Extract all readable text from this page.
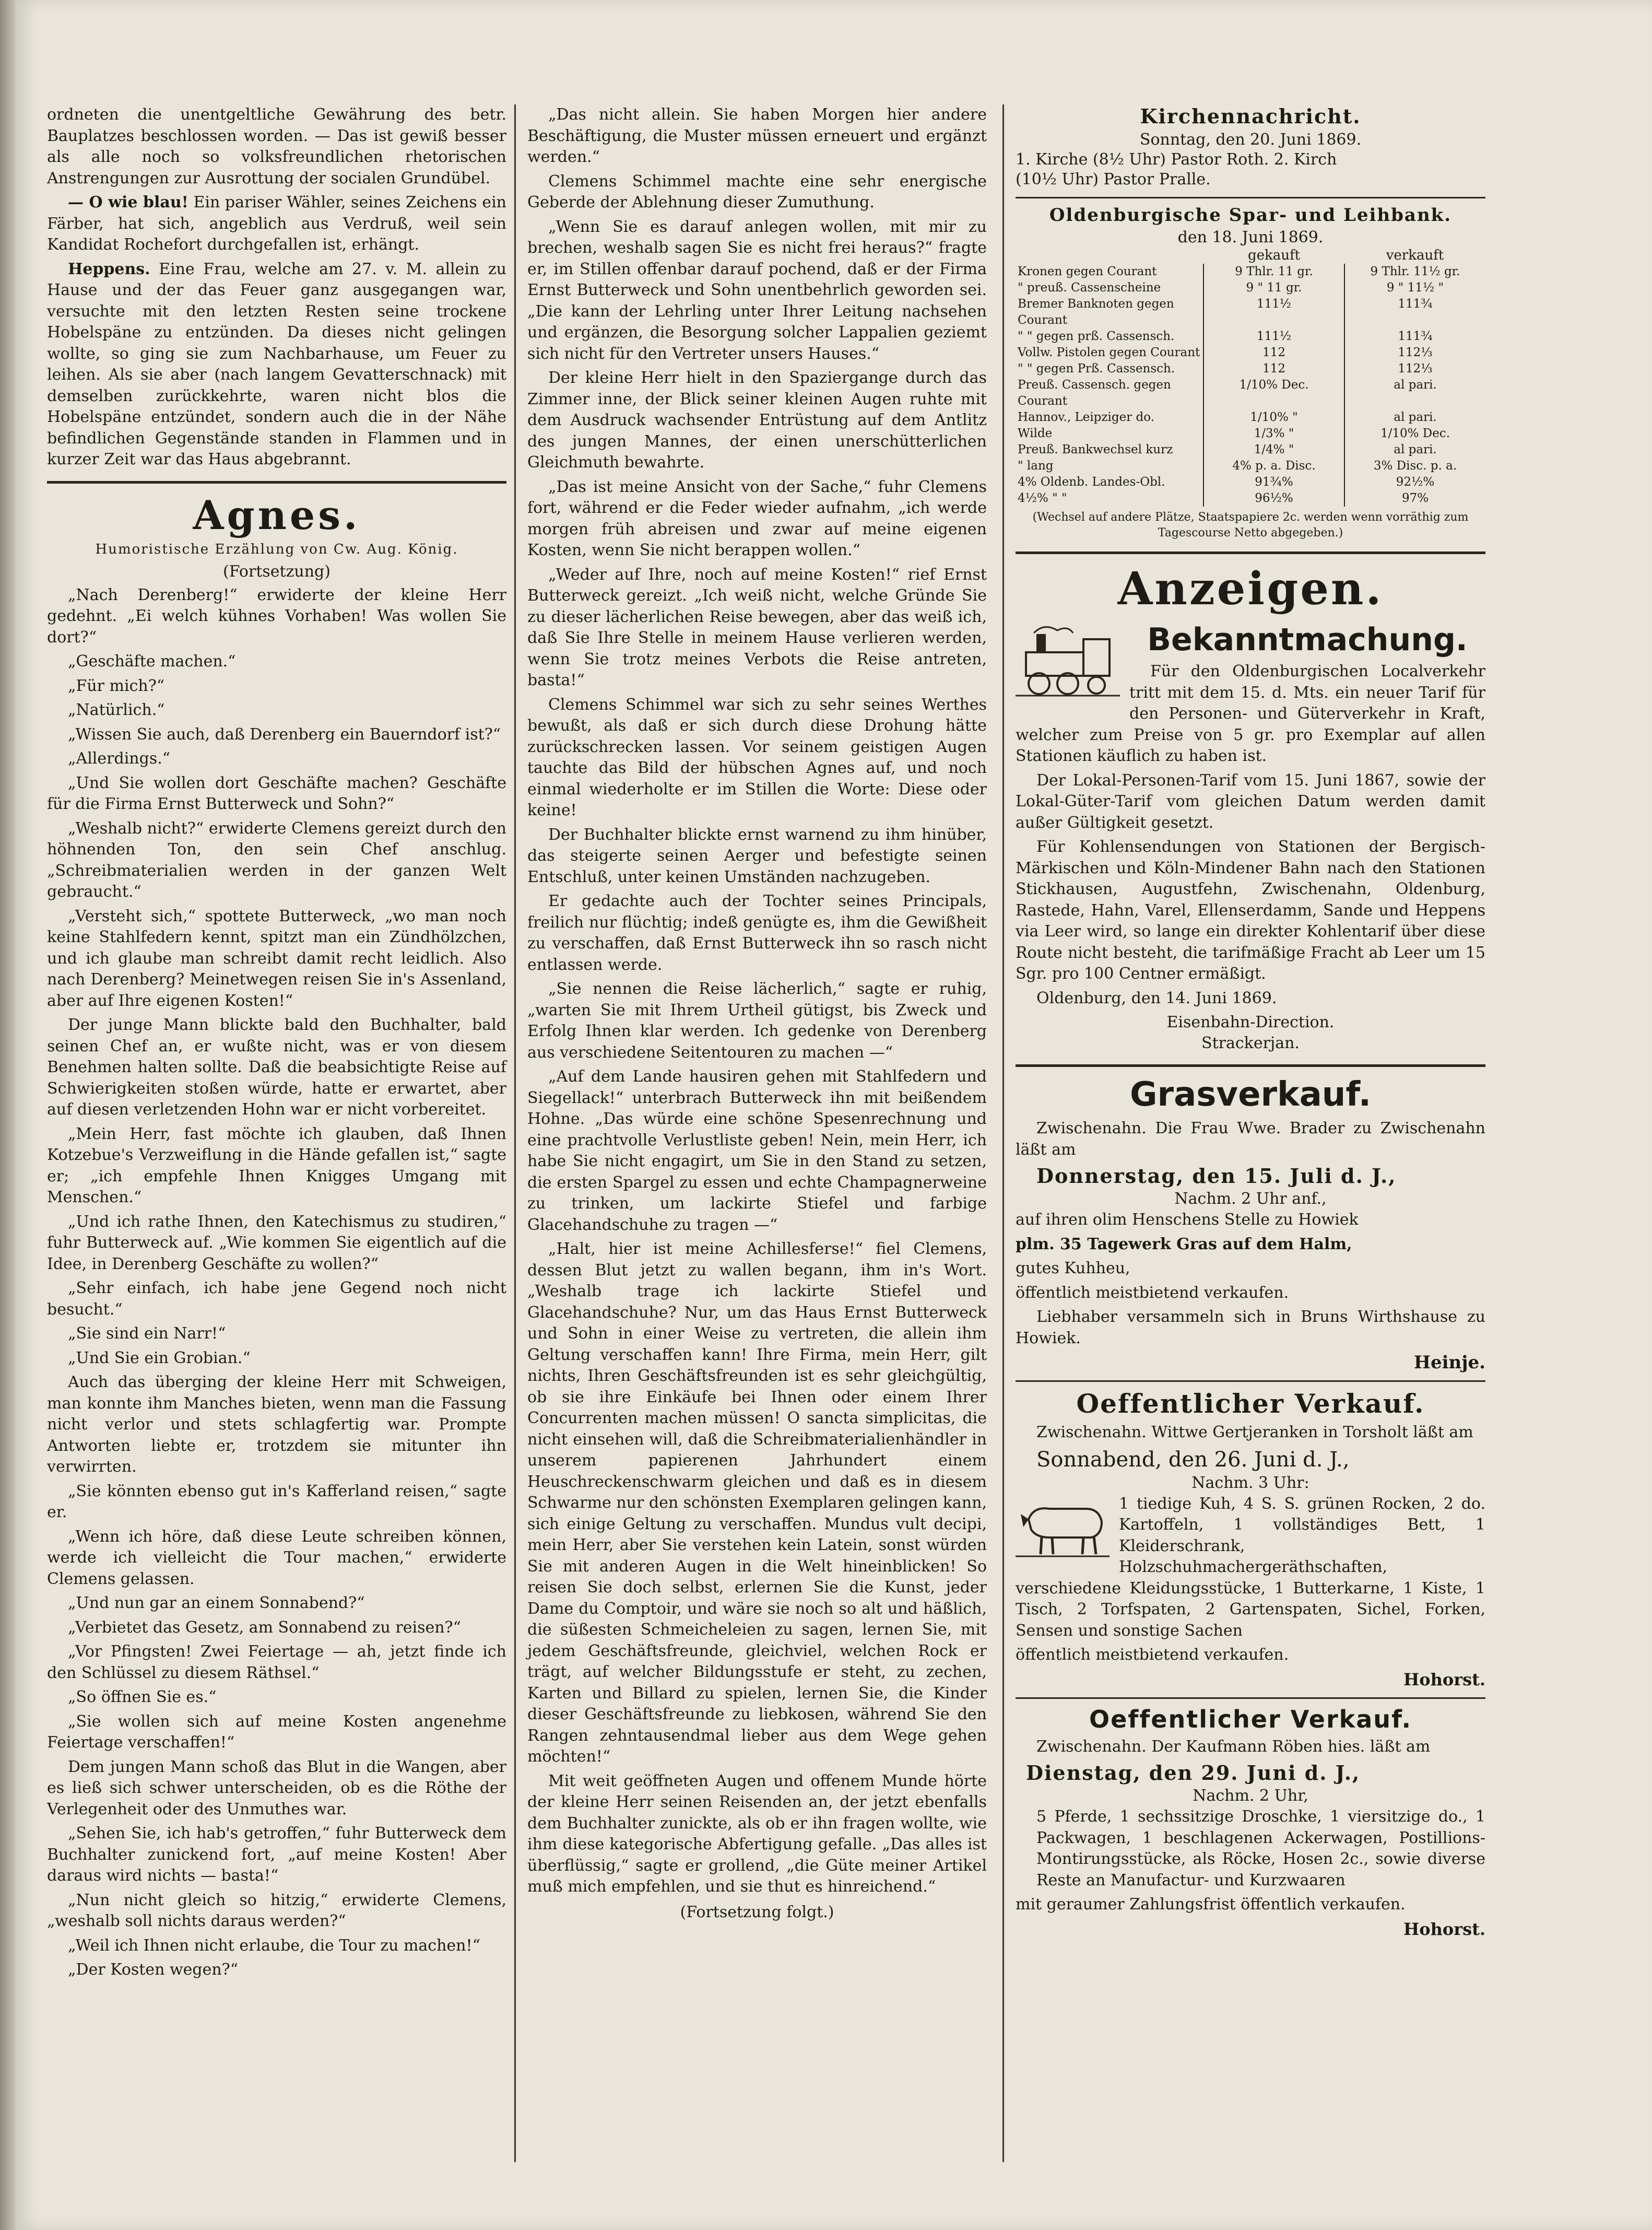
ordneten die unentgeltliche Gewährung des betr. Bauplatzes beschlossen worden. — Das ist gewiß besser als alle noch so volksfreundlichen rhetorischen Anstrengungen zur Ausrottung der socialen Grundübel.

— O wie blau! Ein pariser Wähler, seines Zeichens ein Färber, hat sich, angeblich aus Verdruß, weil sein Kandidat Rochefort durchgefallen ist, erhängt.

Heppens. Eine Frau, welche am 27. v. M. allein zu Hause und der das Feuer ganz ausgegangen war, versuchte mit den letzten Resten seine trockene Hobelspäne zu entzünden. Da dieses nicht gelingen wollte, so ging sie zum Nachbarhause, um Feuer zu leihen. Als sie aber (nach langem Gevatterschnack) mit demselben zurückkehrte, waren nicht blos die Hobelspäne entzündet, sondern auch die in der Nähe befindlichen Gegenstände standen in Flammen und in kurzer Zeit war das Haus abgebrannt.

Agnes.
Humoristische Erzählung von Cw. Aug. König.
(Fortsetzung)

„Nach Derenberg!“ erwiderte der kleine Herr gedehnt. „Ei welch kühnes Vorhaben! Was wollen Sie dort?“

„Geschäfte machen.“

„Für mich?“

„Natürlich.“

„Wissen Sie auch, daß Derenberg ein Bauerndorf ist?“

„Allerdings.“

„Und Sie wollen dort Geschäfte machen? Geschäfte für die Firma Ernst Butterweck und Sohn?“

„Weshalb nicht?“ erwiderte Clemens gereizt durch den höhnenden Ton, den sein Chef anschlug. „Schreibmaterialien werden in der ganzen Welt gebraucht.“

„Versteht sich,“ spottete Butterweck, „wo man noch keine Stahlfedern kennt, spitzt man ein Zündhölzchen, und ich glaube man schreibt damit recht leidlich. Also nach Derenberg? Meinetwegen reisen Sie in's Assenland, aber auf Ihre eigenen Kosten!“

Der junge Mann blickte bald den Buchhalter, bald seinen Chef an, er wußte nicht, was er von diesem Benehmen halten sollte. Daß die beabsichtigte Reise auf Schwierigkeiten stoßen würde, hatte er erwartet, aber auf diesen verletzenden Hohn war er nicht vorbereitet.

„Mein Herr, fast möchte ich glauben, daß Ihnen Kotzebue's Verzweiflung in die Hände gefallen ist,“ sagte er; „ich empfehle Ihnen Knigges Umgang mit Menschen.“

„Und ich rathe Ihnen, den Katechismus zu studiren,“ fuhr Butterweck auf. „Wie kommen Sie eigentlich auf die Idee, in Derenberg Geschäfte zu wollen?“

„Sehr einfach, ich habe jene Gegend noch nicht besucht.“

„Sie sind ein Narr!“

„Und Sie ein Grobian.“

Auch das überging der kleine Herr mit Schweigen, man konnte ihm Manches bieten, wenn man die Fassung nicht verlor und stets schlagfertig war. Prompte Antworten liebte er, trotzdem sie mitunter ihn verwirrten.

„Sie könnten ebenso gut in's Kafferland reisen,“ sagte er.

„Wenn ich höre, daß diese Leute schreiben können, werde ich vielleicht die Tour machen,“ erwiderte Clemens gelassen.

„Und nun gar an einem Sonnabend?“

„Verbietet das Gesetz, am Sonnabend zu reisen?“

„Vor Pfingsten! Zwei Feiertage — ah, jetzt finde ich den Schlüssel zu diesem Räthsel.“

„So öffnen Sie es.“

„Sie wollen sich auf meine Kosten angenehme Feiertage verschaffen!“

Dem jungen Mann schoß das Blut in die Wangen, aber es ließ sich schwer unterscheiden, ob es die Röthe der Verlegenheit oder des Unmuthes war.

„Sehen Sie, ich hab's getroffen,“ fuhr Butterweck dem Buchhalter zunickend fort, „auf meine Kosten! Aber daraus wird nichts — basta!“

„Nun nicht gleich so hitzig,“ erwiderte Clemens, „weshalb soll nichts daraus werden?“

„Weil ich Ihnen nicht erlaube, die Tour zu machen!“

„Der Kosten wegen?“

„Das nicht allein. Sie haben Morgen hier andere Beschäftigung, die Muster müssen erneuert und ergänzt werden.“

Clemens Schimmel machte eine sehr energische Geberde der Ablehnung dieser Zumuthung.

„Wenn Sie es darauf anlegen wollen, mit mir zu brechen, weshalb sagen Sie es nicht frei heraus?“ fragte er, im Stillen offenbar darauf pochend, daß er der Firma Ernst Butterweck und Sohn unentbehrlich geworden sei. „Die kann der Lehrling unter Ihrer Leitung nachsehen und ergänzen, die Besorgung solcher Lappalien geziemt sich nicht für den Vertreter unsers Hauses.“

Der kleine Herr hielt in den Spaziergange durch das Zimmer inne, der Blick seiner kleinen Augen ruhte mit dem Ausdruck wachsender Entrüstung auf dem Antlitz des jungen Mannes, der einen unerschütterlichen Gleichmuth bewahrte.

„Das ist meine Ansicht von der Sache,“ fuhr Clemens fort, während er die Feder wieder aufnahm, „ich werde morgen früh abreisen und zwar auf meine eigenen Kosten, wenn Sie nicht berappen wollen.“

„Weder auf Ihre, noch auf meine Kosten!“ rief Ernst Butterweck gereizt. „Ich weiß nicht, welche Gründe Sie zu dieser lächerlichen Reise bewegen, aber das weiß ich, daß Sie Ihre Stelle in meinem Hause verlieren werden, wenn Sie trotz meines Verbots die Reise antreten, basta!“

Clemens Schimmel war sich zu sehr seines Werthes bewußt, als daß er sich durch diese Drohung hätte zurückschrecken lassen. Vor seinem geistigen Augen tauchte das Bild der hübschen Agnes auf, und noch einmal wiederholte er im Stillen die Worte: Diese oder keine!

Der Buchhalter blickte ernst warnend zu ihm hinüber, das steigerte seinen Aerger und befestigte seinen Entschluß, unter keinen Umständen nachzugeben.

Er gedachte auch der Tochter seines Principals, freilich nur flüchtig; indeß genügte es, ihm die Gewißheit zu verschaffen, daß Ernst Butterweck ihn so rasch nicht entlassen werde.

„Sie nennen die Reise lächerlich,“ sagte er ruhig, „warten Sie mit Ihrem Urtheil gütigst, bis Zweck und Erfolg Ihnen klar werden. Ich gedenke von Derenberg aus verschiedene Seitentouren zu machen —“

„Auf dem Lande hausiren gehen mit Stahlfedern und Siegellack!“ unterbrach Butterweck ihn mit beißendem Hohne. „Das würde eine schöne Spesenrechnung und eine prachtvolle Verlustliste geben! Nein, mein Herr, ich habe Sie nicht engagirt, um Sie in den Stand zu setzen, die ersten Spargel zu essen und echte Champagnerweine zu trinken, um lackirte Stiefel und farbige Glacehandschuhe zu tragen —“

„Halt, hier ist meine Achillesferse!“ fiel Clemens, dessen Blut jetzt zu wallen begann, ihm in's Wort. „Weshalb trage ich lackirte Stiefel und Glacehandschuhe? Nur, um das Haus Ernst Butterweck und Sohn in einer Weise zu vertreten, die allein ihm Geltung verschaffen kann! Ihre Firma, mein Herr, gilt nichts, Ihren Geschäftsfreunden ist es sehr gleichgültig, ob sie ihre Einkäufe bei Ihnen oder einem Ihrer Concurrenten machen müssen! O sancta simplicitas, die nicht einsehen will, daß die Schreibmaterialienhändler in unserem papierenen Jahrhundert einem Heuschreckenschwarm gleichen und daß es in diesem Schwarme nur den schönsten Exemplaren gelingen kann, sich einige Geltung zu verschaffen. Mundus vult decipi, mein Herr, aber Sie verstehen kein Latein, sonst würden Sie mit anderen Augen in die Welt hineinblicken! So reisen Sie doch selbst, erlernen Sie die Kunst, jeder Dame du Comptoir, und wäre sie noch so alt und häßlich, die süßesten Schmeicheleien zu sagen, lernen Sie, mit jedem Geschäftsfreunde, gleichviel, welchen Rock er trägt, auf welcher Bildungsstufe er steht, zu zechen, Karten und Billard zu spielen, lernen Sie, die Kinder dieser Geschäftsfreunde zu liebkosen, während Sie den Rangen zehntausendmal lieber aus dem Wege gehen möchten!“

Mit weit geöffneten Augen und offenem Munde hörte der kleine Herr seinen Reisenden an, der jetzt ebenfalls dem Buchhalter zunickte, als ob er ihn fragen wollte, wie ihm diese kategorische Abfertigung gefalle. „Das alles ist überflüssig,“ sagte er grollend, „die Güte meiner Artikel muß mich empfehlen, und sie thut es hinreichend.“

(Fortsetzung folgt.)
Kirchennachricht.
Sonntag, den 20. Juni 1869.
1. Kirche (8½ Uhr) Pastor Roth. 2. Kirch
(10½ Uhr) Pastor Pralle.
Oldenburgische Spar- und Leihbank.
den 18. Juni 1869.
	gekauft	verkauft
Kronen gegen Courant	9 Thlr. 11 gr.	9 Thlr. 11½ gr.
" preuß. Cassenscheine	9 " 11 gr.	9 " 11½ "
Bremer Banknoten gegen Courant	111½	111¾
" " gegen prß. Cassensch.	111½	111¾
Vollw. Pistolen gegen Courant	112	112⅓
" " gegen Prß. Cassensch.	112	112⅓
Preuß. Cassensch. gegen Courant	1/10% Dec.	al pari.
Hannov., Leipziger do.	1/10% "	al pari.
Wilde	1/3% "	1/10% Dec.
Preuß. Bankwechsel kurz	1/4% "	al pari.
" lang	4% p. a. Disc.	3% Disc. p. a.
4% Oldenb. Landes-Obl.	91¾%	92½%
4½% " "	96½%	97%
(Wechsel auf andere Plätze, Staatspapiere 2c. werden wenn vorräthig zum Tagescourse Netto abgegeben.)
Anzeigen.
Bekanntmachung.

Für den Oldenburgischen Localverkehr tritt mit dem 15. d. Mts. ein neuer Tarif für den Personen- und Güterverkehr in Kraft, welcher zum Preise von 5 gr. pro Exemplar auf allen Stationen käuflich zu haben ist.

Der Lokal-Personen-Tarif vom 15. Juni 1867, sowie der Lokal-Güter-Tarif vom gleichen Datum werden damit außer Gültigkeit gesetzt.

Für Kohlensendungen von Stationen der Bergisch-Märkischen und Köln-Mindener Bahn nach den Stationen Stickhausen, Augustfehn, Zwischenahn, Oldenburg, Rastede, Hahn, Varel, Ellenserdamm, Sande und Heppens via Leer wird, so lange ein direkter Kohlentarif über diese Route nicht besteht, die tarifmäßige Fracht ab Leer um 15 Sgr. pro 100 Centner ermäßigt.

Oldenburg, den 14. Juni 1869.

Eisenbahn-Direction.
Strackerjan.
Grasverkauf.

Zwischenahn. Die Frau Wwe. Brader zu Zwischenahn läßt am

Donnerstag, den 15. Juli d. J.,
Nachm. 2 Uhr anf.,

auf ihren olim Henschens Stelle zu Howiek

plm. 35 Tagewerk Gras auf dem Halm,

gutes Kuhheu,

öffentlich meistbietend verkaufen.

Liebhaber versammeln sich in Bruns Wirthshause zu Howiek.

Heinje.
Oeffentlicher Verkauf.

Zwischenahn. Wittwe Gertjeranken in Torsholt läßt am

Sonnabend, den 26. Juni d. J.,
Nachm. 3 Uhr:

1 tiedige Kuh, 4 S. S. grünen Rocken, 2 do. Kartoffeln, 1 vollständiges Bett, 1 Kleiderschrank, Holzschuhmachergeräthschaften, verschiedene Kleidungsstücke, 1 Butterkarne, 1 Kiste, 1 Tisch, 2 Torfspaten, 2 Gartenspaten, Sichel, Forken, Sensen und sonstige Sachen

öffentlich meistbietend verkaufen.

Hohorst.
Oeffentlicher Verkauf.

Zwischenahn. Der Kaufmann Röben hies. läßt am

Dienstag, den 29. Juni d. J.,
Nachm. 2 Uhr,

5 Pferde, 1 sechssitzige Droschke, 1 viersitzige do., 1 Packwagen, 1 beschlagenen Ackerwagen, Postillions-Montirungsstücke, als Röcke, Hosen 2c., sowie diverse Reste an Manufactur- und Kurzwaaren

mit geraumer Zahlungsfrist öffentlich verkaufen.

Hohorst.
